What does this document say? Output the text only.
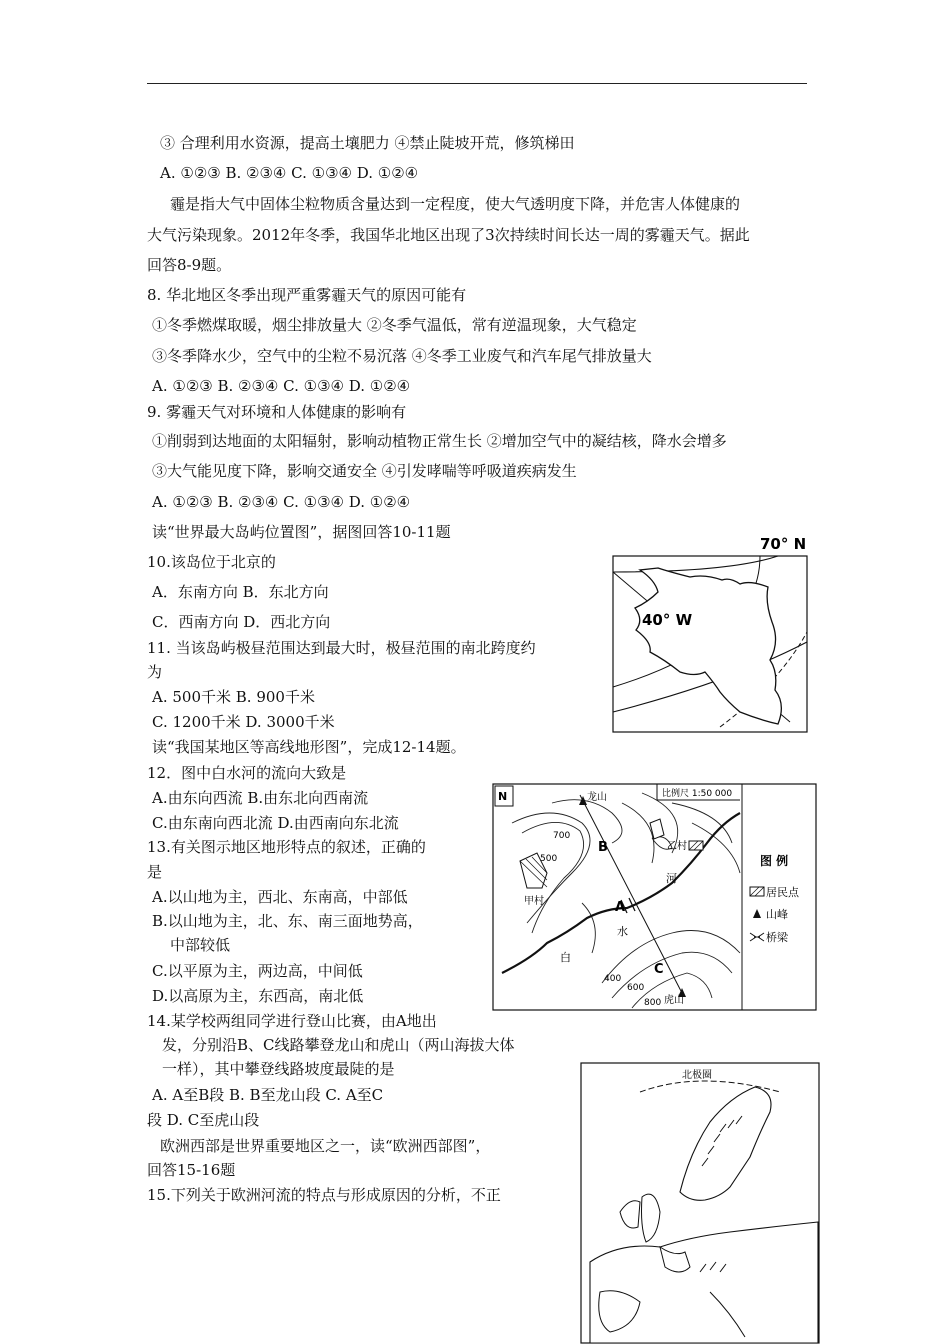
③ 合理利用水资源，提高土壤肥力 ④禁止陡坡开荒，修筑梯田
A. ①②③ B. ②③④ C. ①③④ D. ①②④
霾是指大气中固体尘粒物质含量达到一定程度，使大气透明度下降，并危害人体健康的
大气污染现象。2012年冬季，我国华北地区出现了3次持续时间长达一周的雾霾天气。据此
回答8-9题。
8. 华北地区冬季出现严重雾霾天气的原因可能有
①冬季燃煤取暖，烟尘排放量大 ②冬季气温低，常有逆温现象，大气稳定
③冬季降水少，空气中的尘粒不易沉落 ④冬季工业废气和汽车尾气排放量大
A. ①②③ B. ②③④ C. ①③④ D. ①②④
9. 雾霾天气对环境和人体健康的影响有
①削弱到达地面的太阳辐射，影响动植物正常生长 ②增加空气中的凝结核，降水会增多
③大气能见度下降，影响交通安全 ④引发哮喘等呼吸道疾病发生
A. ①②③ B. ②③④ C. ①③④ D. ①②④
读“世界最大岛屿位置图”，据图回答10-11题
10.该岛位于北京的
A．东南方向 B．东北方向
C．西南方向 D．西北方向
11. 当该岛屿极昼范围达到最大时，极昼范围的南北跨度约
为
A. 500千米 B. 900千米
C. 1200千米 D. 3000千米
读“我国某地区等高线地形图”，完成12-14题。
12．图中白水河的流向大致是
A.由东向西流 B.由东北向西南流
C.由东南向西北流 D.由西南向东北流
13.有关图示地区地形特点的叙述，正确的
是
A.以山地为主，西北、东南高，中部低
B.以山地为主，北、东、南三面地势高，
中部较低
C.以平原为主，两边高，中间低
D.以高原为主，东西高，南北低
14.某学校两组同学进行登山比赛，由A地出
发，分别沿B、C线路攀登龙山和虎山（两山海拔大体
一样），其中攀登线路坡度最陡的是
A. A至B段 B. B至龙山段 C. A至C
段 D. C至虎山段
欧洲西部是世界重要地区之一，读“欧洲西部图”，
回答15-16题
15.下列关于欧洲河流的特点与形成原因的分析，不正
70° N
40° W
N	比例尺 1:50 000
龙山
虎山
甲村
乙村
700
500
400
600
800
A
B
C
白
水
河
图 例
居民点
山峰
桥梁
北极圈
